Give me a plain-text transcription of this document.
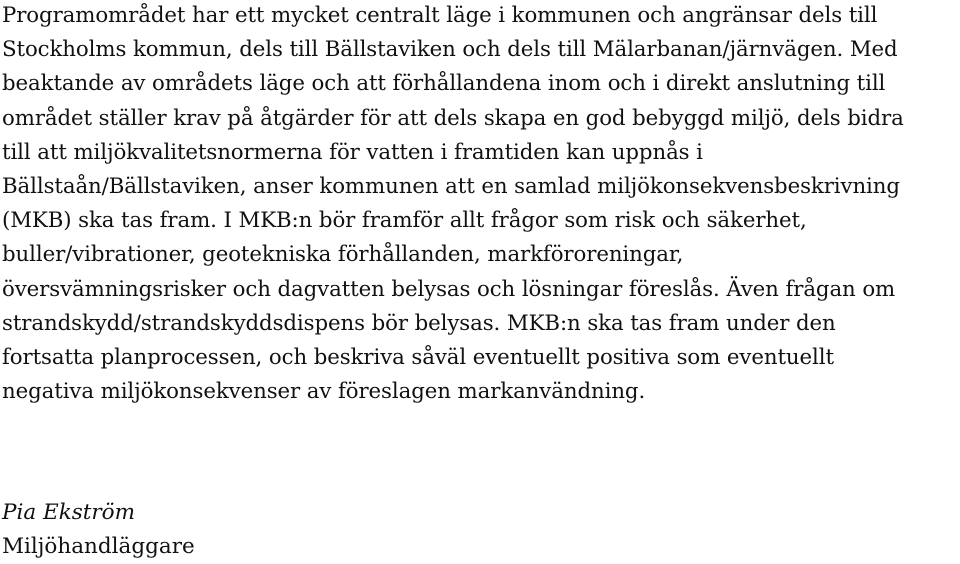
Programområdet har ett mycket centralt läge i kommunen och angränsar dels till
Stockholms kommun, dels till Bällstaviken och dels till Mälarbanan/järnvägen. Med
beaktande av områdets läge och att förhållandena inom och i direkt anslutning till
området ställer krav på åtgärder för att dels skapa en god bebyggd miljö, dels bidra
till att miljökvalitetsnormerna för vatten i framtiden kan uppnås i
Bällstaån/Bällstaviken, anser kommunen att en samlad miljökonsekvensbeskrivning
(MKB) ska tas fram. I MKB:n bör framför allt frågor som risk och säkerhet,
buller/vibrationer, geotekniska förhållanden, markföroreningar,
översvämningsrisker och dagvatten belysas och lösningar föreslås. Även frågan om
strandskydd/strandskyddsdispens bör belysas. MKB:n ska tas fram under den
fortsatta planprocessen, och beskriva såväl eventuellt positiva som eventuellt
negativa miljökonsekvenser av föreslagen markanvändning.
Pia Ekström
Miljöhandläggare
